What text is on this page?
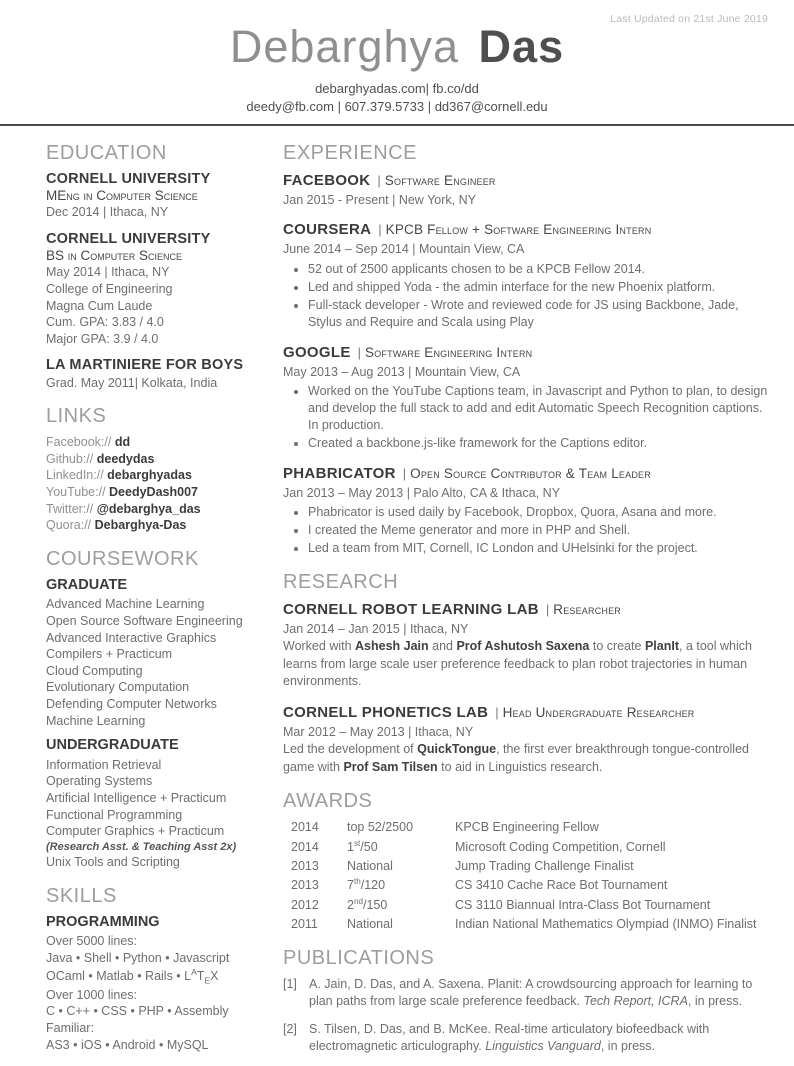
Last Updated on 21st June 2019
Debarghya Das
debarghyadas.com| fb.co/dd
deedy@fb.com | 607.379.5733 | dd367@cornell.edu
EDUCATION
CORNELL UNIVERSITY
MEng in Computer Science
Dec 2014 | Ithaca, NY
CORNELL UNIVERSITY
BS in Computer Science
May 2014 | Ithaca, NY
College of Engineering
Magna Cum Laude
Cum. GPA: 3.83 / 4.0
Major GPA: 3.9 / 4.0
LA MARTINIERE FOR BOYS
Grad. May 2011| Kolkata, India
LINKS
Facebook:// dd
Github:// deedydas
LinkedIn:// debarghyadas
YouTube:// DeedyDash007
Twitter:// @debarghya_das
Quora:// Debarghya-Das
COURSEWORK
GRADUATE
Advanced Machine Learning
Open Source Software Engineering
Advanced Interactive Graphics
Compilers + Practicum
Cloud Computing
Evolutionary Computation
Defending Computer Networks
Machine Learning
UNDERGRADUATE
Information Retrieval
Operating Systems
Artificial Intelligence + Practicum
Functional Programming
Computer Graphics + Practicum
(Research Asst. & Teaching Asst 2x)
Unix Tools and Scripting
SKILLS
PROGRAMMING
Over 5000 lines:
Java • Shell • Python • Javascript
OCaml • Matlab • Rails • $L^AT_EX$
Over 1000 lines:
C • C++ • CSS • PHP • Assembly
Familiar:
AS3 • iOS • Android • MySQL
EXPERIENCE
FACEBOOK | Software Engineer
Jan 2015 - Present | New York, NY
COURSERA | KPCB Fellow + Software Engineering Intern
June 2014 – Sep 2014 | Mountain View, CA
• 52 out of 2500 applicants chosen to be a KPCB Fellow 2014.
• Led and shipped Yoda - the admin interface for the new Phoenix platform.
• Full-stack developer - Wrote and reviewed code for JS using Backbone, Jade, Stylus and Require and Scala using Play
GOOGLE | Software Engineering Intern
May 2013 – Aug 2013 | Mountain View, CA
• Worked on the YouTube Captions team, in Javascript and Python to plan, to design and develop the full stack to add and edit Automatic Speech Recognition captions. In production.
• Created a backbone.js-like framework for the Captions editor.
PHABRICATOR | Open Source Contributor & Team Leader
Jan 2013 – May 2013 | Palo Alto, CA & Ithaca, NY
• Phabricator is used daily by Facebook, Dropbox, Quora, Asana and more.
• I created the Meme generator and more in PHP and Shell.
• Led a team from MIT, Cornell, IC London and UHelsinki for the project.
RESEARCH
CORNELL ROBOT LEARNING LAB | Researcher
Jan 2014 – Jan 2015 | Ithaca, NY
Worked with Ashesh Jain and Prof Ashutosh Saxena to create PlanIt, a tool which learns from large scale user preference feedback to plan robot trajectories in human environments.
CORNELL PHONETICS LAB | Head Undergraduate Researcher
Mar 2012 – May 2013 | Ithaca, NY
Led the development of QuickTongue, the first ever breakthrough tongue-controlled game with Prof Sam Tilsen to aid in Linguistics research.
AWARDS
2014	top 52/2500	KPCB Engineering Fellow
2014	1st/50	Microsoft Coding Competition, Cornell
2013	National	Jump Trading Challenge Finalist
2013	7th/120	CS 3410 Cache Race Bot Tournament
2012	2nd/150	CS 3110 Biannual Intra-Class Bot Tournament
2011	National	Indian National Mathematics Olympiad (INMO) Finalist
PUBLICATIONS
[1] A. Jain, D. Das, and A. Saxena. Planit: A crowdsourcing approach for learning to plan paths from large scale preference feedback. Tech Report, ICRA, in press.
[2] S. Tilsen, D. Das, and B. McKee. Real-time articulatory biofeedback with electromagnetic articulography. Linguistics Vanguard, in press.
